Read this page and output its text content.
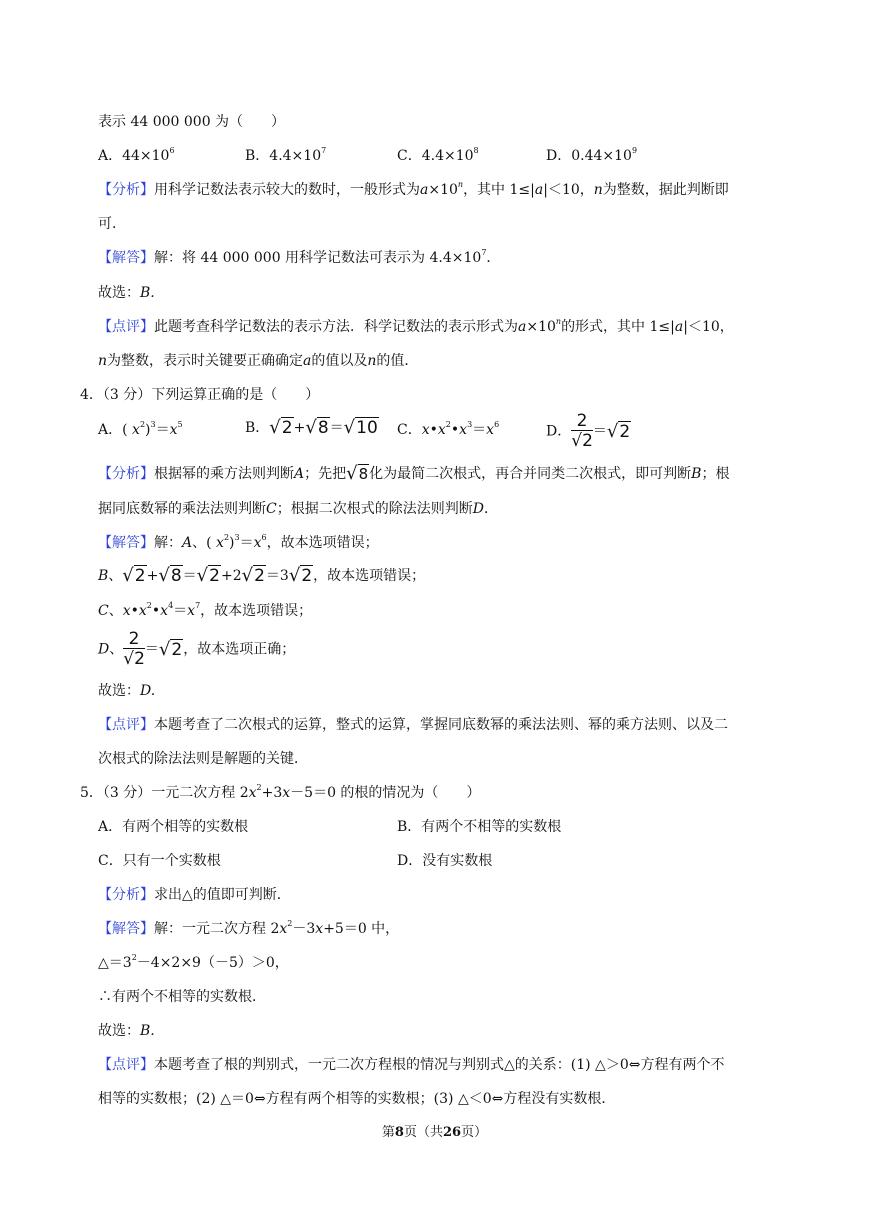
表示 44 000 000 为（　　）
A．$44\times 10^6$	B．$4.4\times 10^7$	C．$4.4\times 10^8$	D．$0.44\times 10^9$
【分析】用科学记数法表示较大的数时，一般形式为$a\times 10^n$，其中 1≤|a|＜10，n为整数，据此判断即
可．
【解答】解：将 44 000 000 用科学记数法可表示为 $4.4\times 10^7$．
故选：B.
【点评】此题考查科学记数法的表示方法．科学记数法的表示形式为$a\times 10^n$的形式，其中 1≤|a|＜10，
n为整数，表示时关键要正确确定a的值以及n的值．
4．（3 分）下列运算正确的是（　　）
A．( $x^2)^3=x^5$	B．√2+√8＝√10 C．$x•x^2•x^3=x^6$	D． $\frac{2}{√2} =√2$
【分析】根据幂的乘方法则判断A；先把√8化为最简二次根式，再合并同类二次根式，即可判断B；根
据同底数幂的乘法法则判断C；根据二次根式的除法法则判断D．
【解答】解：A、( $x^2)^3=x^6$，故本选项错误；
B、√2+√8＝√2+2√2＝3√2，故本选项错误；
C、$x•x^2•x^4=x^7$，故本选项错误；
D、 $\frac{2}{√2} =√2$，故本选项正确；
故选：D.
【点评】本题考查了二次根式的运算，整式的运算，掌握同底数幂的乘法法则、幂的乘方法则、以及二
次根式的除法法则是解题的关键．
5．（3 分）一元二次方程 $2x^2+3x-5=0$ 的根的情况为（　　）
A．有两个相等的实数根	B．有两个不相等的实数根
C．只有一个实数根	D．没有实数根
【分析】求出△的值即可判断．
【解答】解：一元二次方程 $2x^2-3x+5=0$ 中，
$\triangle=3^2-4\times 2\times 9(-5)>0$，
∴有两个不相等的实数根．
故选：B.
【点评】本题考查了根的判别式，一元二次方程根的情况与判别式△的关系：(1) △＞0⇔方程有两个不
相等的实数根；(2) △＝0⇔方程有两个相等的实数根；(3) △＜0⇔方程没有实数根．
第8页（共26页）
